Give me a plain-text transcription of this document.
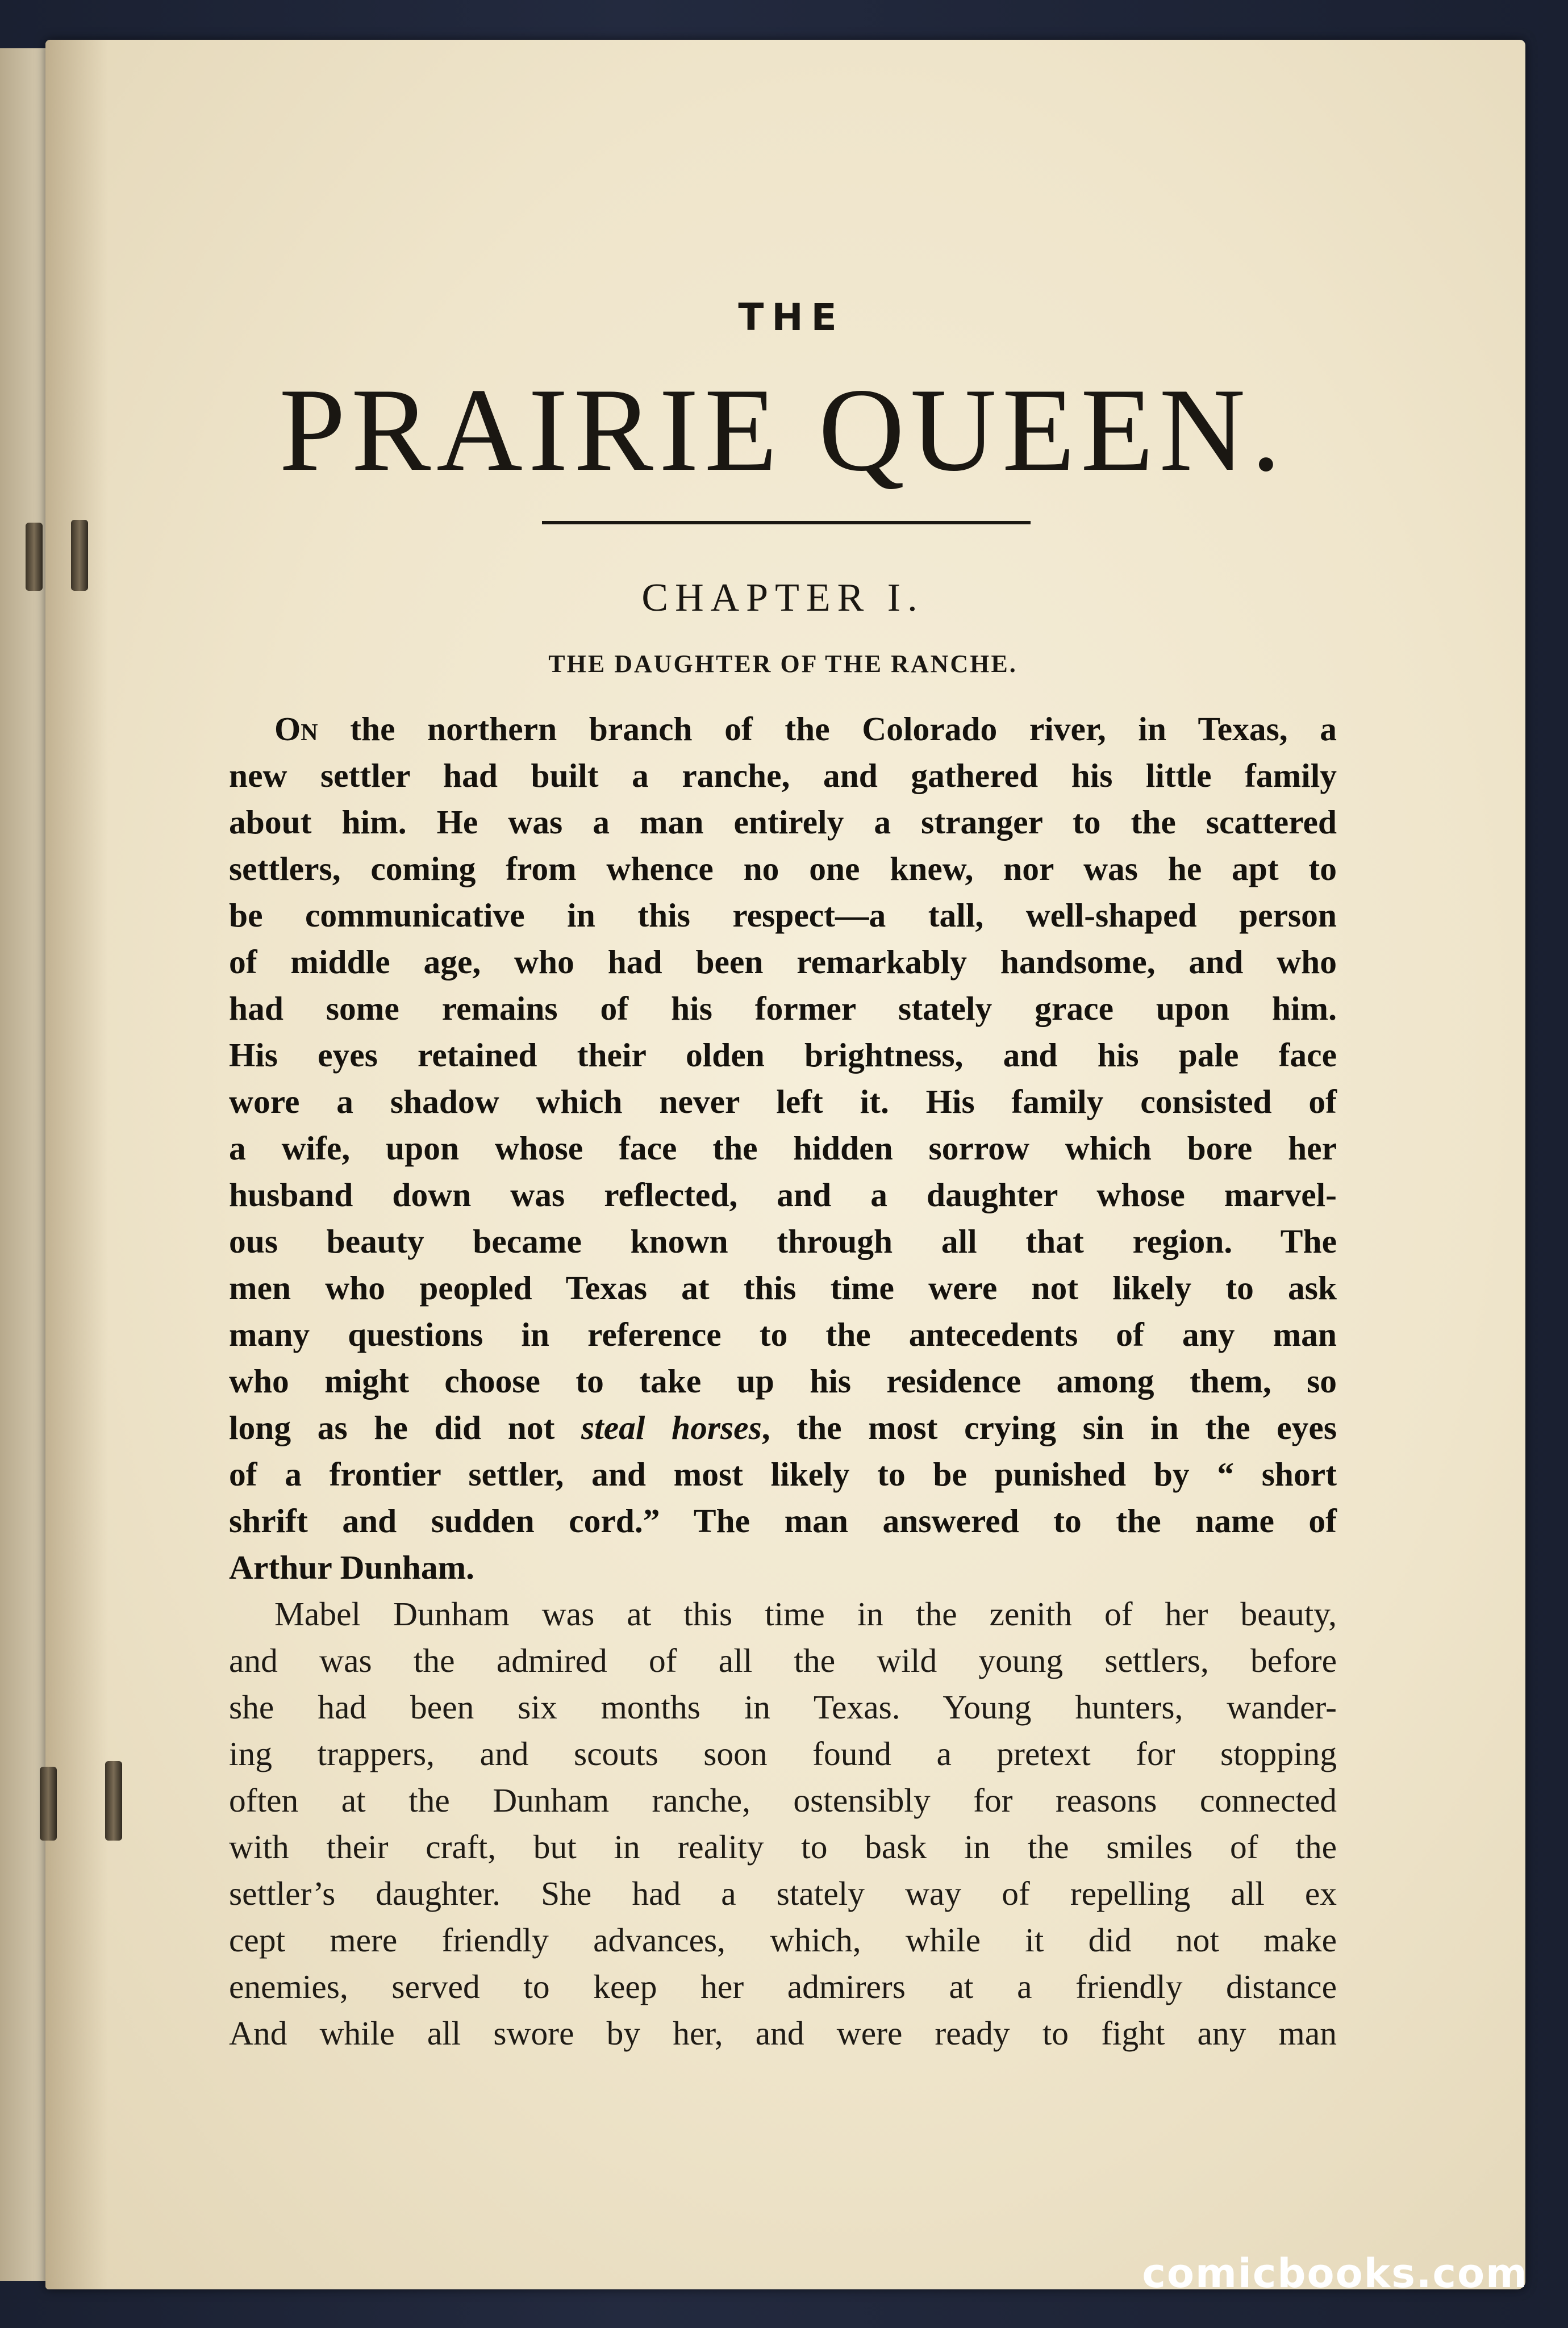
THE
PRAIRIE QUEEN.
CHAPTER I.
THE DAUGHTER OF THE RANCHE.
On the northern branch of the Colorado river, in Texas, a
new settler had built a ranche, and gathered his little family
about him. He was a man entirely a stranger to the scattered
settlers, coming from whence no one knew, nor was he apt to
be communicative in this respect—a tall, well-shaped person
of middle age, who had been remarkably handsome, and who
had some remains of his former stately grace upon him.
His eyes retained their olden brightness, and his pale face
wore a shadow which never left it. His family consisted of
a wife, upon whose face the hidden sorrow which bore her
husband down was reflected, and a daughter whose marvel-
ous beauty became known through all that region. The
men who peopled Texas at this time were not likely to ask
many questions in reference to the antecedents of any man
who might choose to take up his residence among them, so
long as he did not steal horses, the most crying sin in the eyes
of a frontier settler, and most likely to be punished by “ short
shrift and sudden cord.” The man answered to the name of
Arthur Dunham.
Mabel Dunham was at this time in the zenith of her beauty,
and was the admired of all the wild young settlers, before
she had been six months in Texas. Young hunters, wander-
ing trappers, and scouts soon found a pretext for stopping
often at the Dunham ranche, ostensibly for reasons connected
with their craft, but in reality to bask in the smiles of the
settler’s daughter. She had a stately way of repelling all ex
cept mere friendly advances, which, while it did not make
enemies, served to keep her admirers at a friendly distance
And while all swore by her, and were ready to fight any man
comicbooks.com
